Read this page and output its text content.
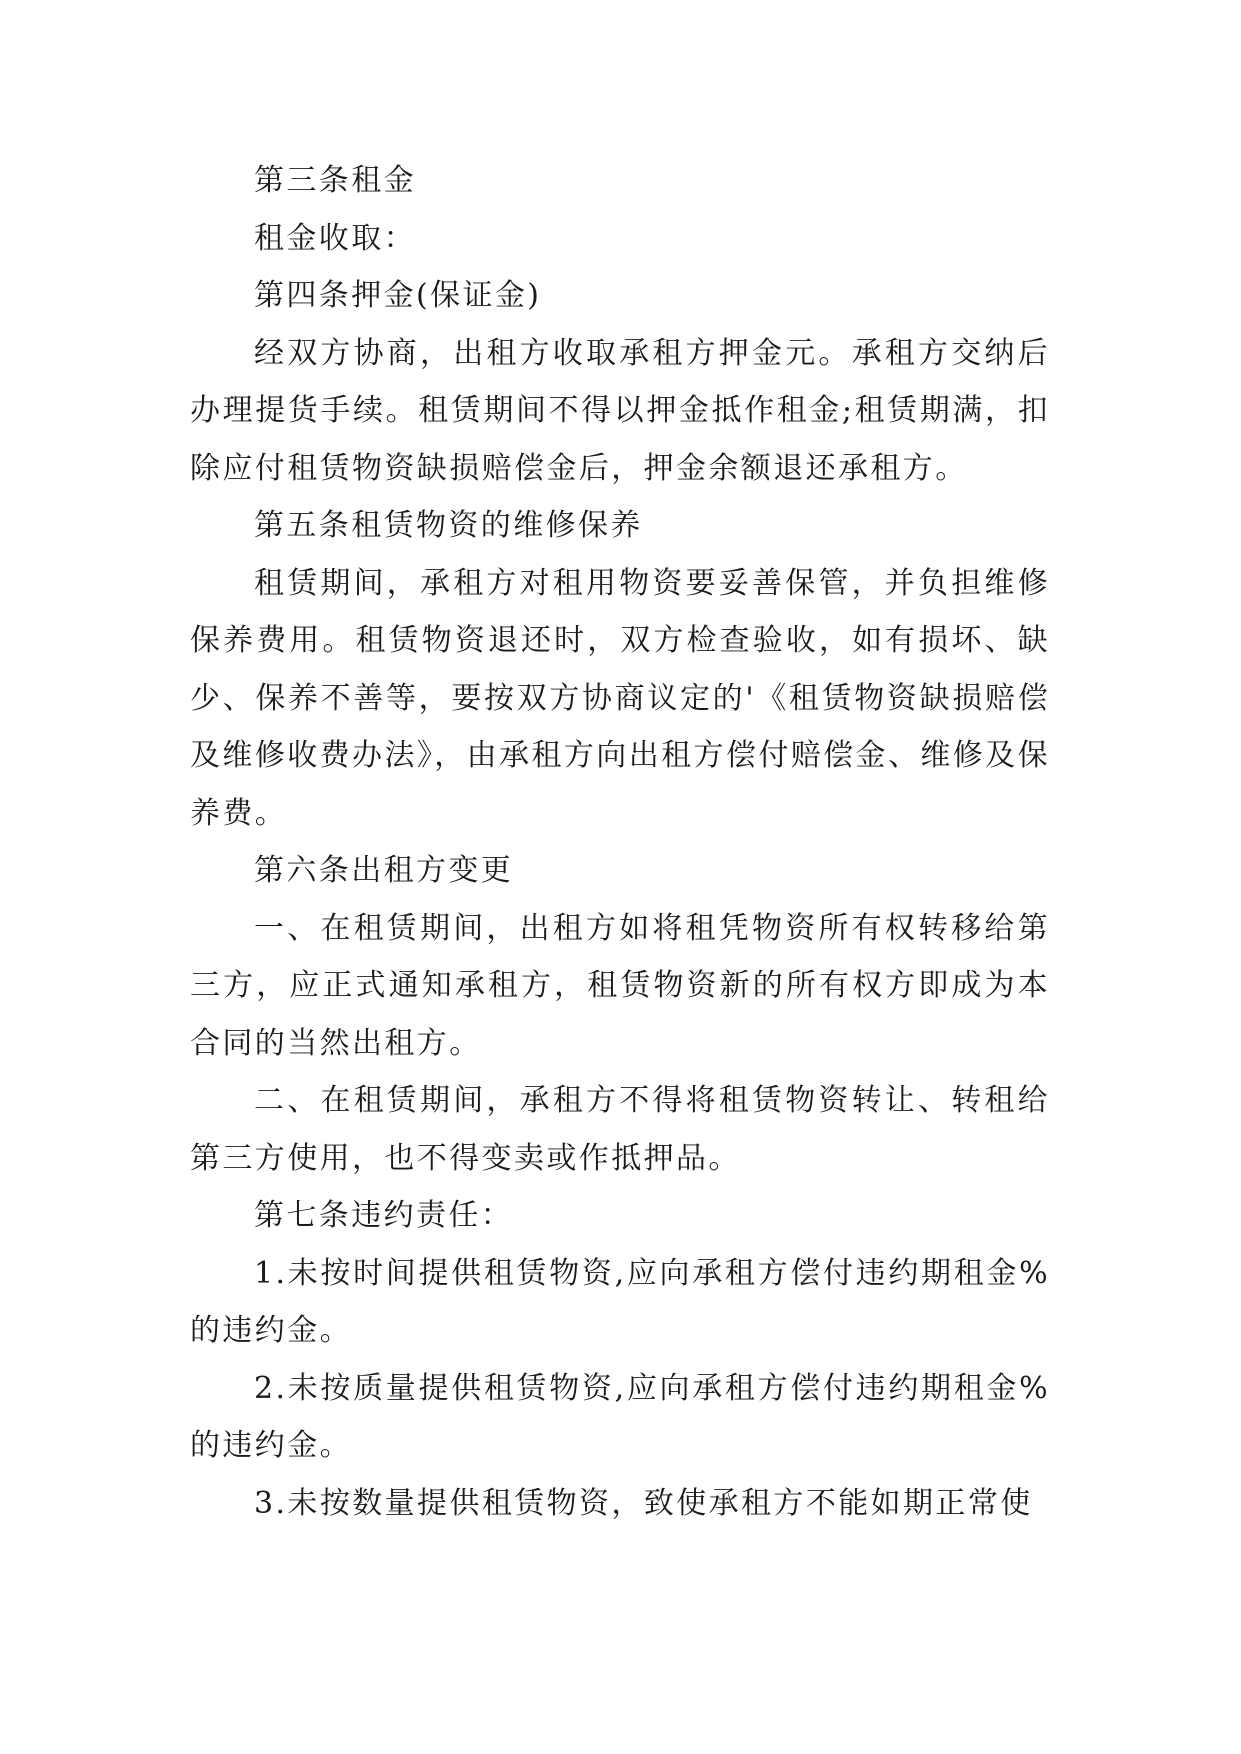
第三条租金

租金收取：

第四条押金(保证金)

经双方协商，出租方收取承租方押金元。承租方交纳后办理提货手续。租赁期间不得以押金抵作租金;租赁期满，扣除应付租赁物资缺损赔偿金后，押金余额退还承租方。

第五条租赁物资的维修保养

租赁期间，承租方对租用物资要妥善保管，并负担维修保养费用。租赁物资退还时，双方检查验收，如有损坏、缺少、保养不善等，要按双方协商议定的'《租赁物资缺损赔偿及维修收费办法》，由承租方向出租方偿付赔偿金、维修及保养费。

第六条出租方变更

一、在租赁期间，出租方如将租凭物资所有权转移给第三方，应正式通知承租方，租赁物资新的所有权方即成为本合同的当然出租方。

二、在租赁期间，承租方不得将租赁物资转让、转租给第三方使用，也不得变卖或作抵押品。

第七条违约责任：

1.未按时间提供租赁物资,应向承租方偿付违约期租金%的违约金。

2.未按质量提供租赁物资,应向承租方偿付违约期租金%的违约金。

3.未按数量提供租赁物资，致使承租方不能如期正常使
